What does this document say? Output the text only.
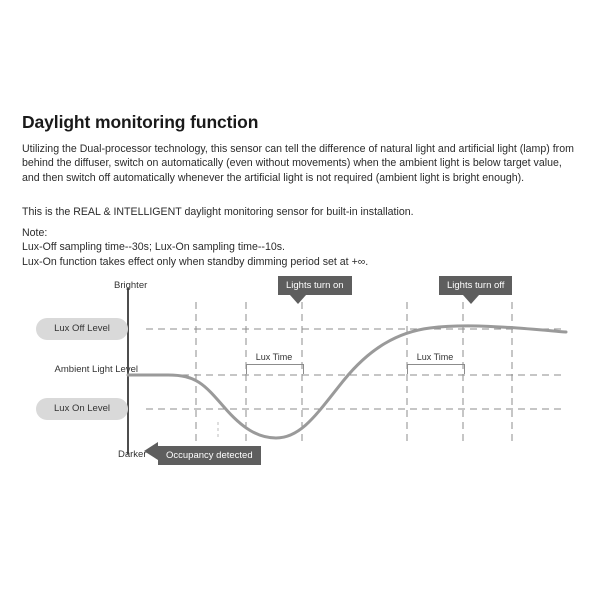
Daylight monitoring function
Utilizing the Dual-processor technology, this sensor can tell the difference of natural light and artificial light (lamp) from behind the diffuser, switch on automatically (even without movements) when the ambient light is below target value, and then switch off automatically whenever the artificial light is not required (ambient light is bright enough).
This is the REAL & INTELLIGENT daylight monitoring sensor for built-in installation.
Note:
Lux-Off sampling time--30s; Lux-On sampling time--10s.
Lux-On function takes effect only when standby dimming period set at +∞.
Lux Off Level
Lux On Level
Ambient Light Level
Brighter
Darker
Lights turn on	Lights turn off
Occupancy detected
Lux Time	Lux Time
